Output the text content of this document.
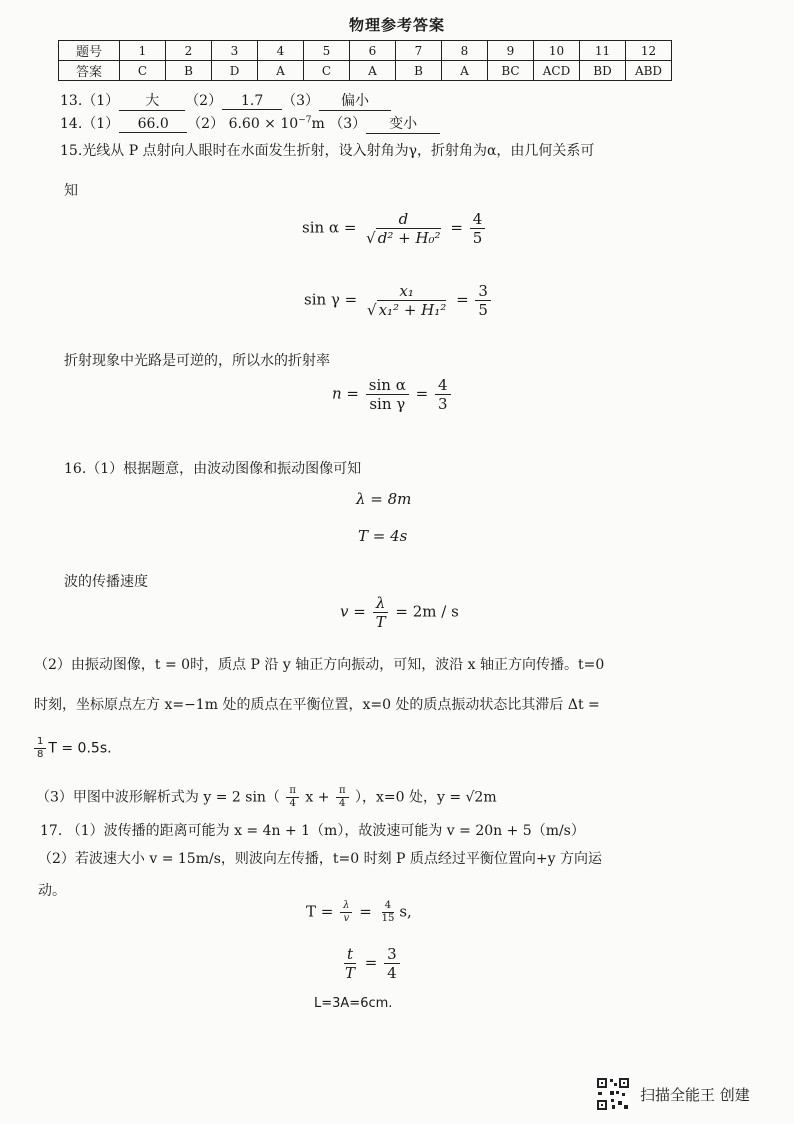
物理参考答案
题号	1	2	3	4	5	6	7	8	9	10	11	12
答案	C	B	D	A	C	A	B	A	BC	ACD	BD	ABD
13.（1） 大 （2） 1.7 （3） 偏小
14.（1） 66.0 （2） $6.60 \times 10^{-7}m$ （3） 变小
15.光线从 P 点射向人眼时在水面发生折射，设入射角为γ，折射角为α，由几何关系可
知
$\sin \alpha = \frac{d}{\text{√ d² + H₀²}} = \frac{4}{5}$
$\sin \gamma = \frac{\text{x₁}}{\text{√ x₁² + H₁²}} = \frac{3}{5}$
折射现象中光路是可逆的，所以水的折射率
$n = \frac{\text{sin α}}{\text{sin γ}} = \frac{4}{3}$
16.（1）根据题意，由波动图像和振动图像可知
λ = 8m
T = 4s
波的传播速度
$v = \frac{\lambda}{T} = 2m / s$
（2）由振动图像，t = 0时，质点 P 沿 y 轴正方向振动，可知，波沿 x 轴正方向传播。t=0
时刻，坐标原点左方 x=−1m 处的质点在平衡位置，x=0 处的质点振动状态比其滞后 Δt =
$\frac{1}{8}$ T = 0.5s.
（3）甲图中波形解析式为 y = 2 $\sin( \frac{\pi}{4}$ $x + \frac{\pi}{4}$ ），x=0 处，y = √2m
17. （1）波传播的距离可能为 x = 4n + 1（m），故波速可能为 v = 20n + 5（m/s）
（2）若波速大小 v = 15m/s，则波向左传播，t=0 时刻 P 质点经过平衡位置向+y 方向运
动。
$T = \frac{\lambda}{v} = \frac{4}{15} s$,
$\frac{t}{T} = \frac{3}{4}$
L=3A=6cm.
扫描全能王 创建
